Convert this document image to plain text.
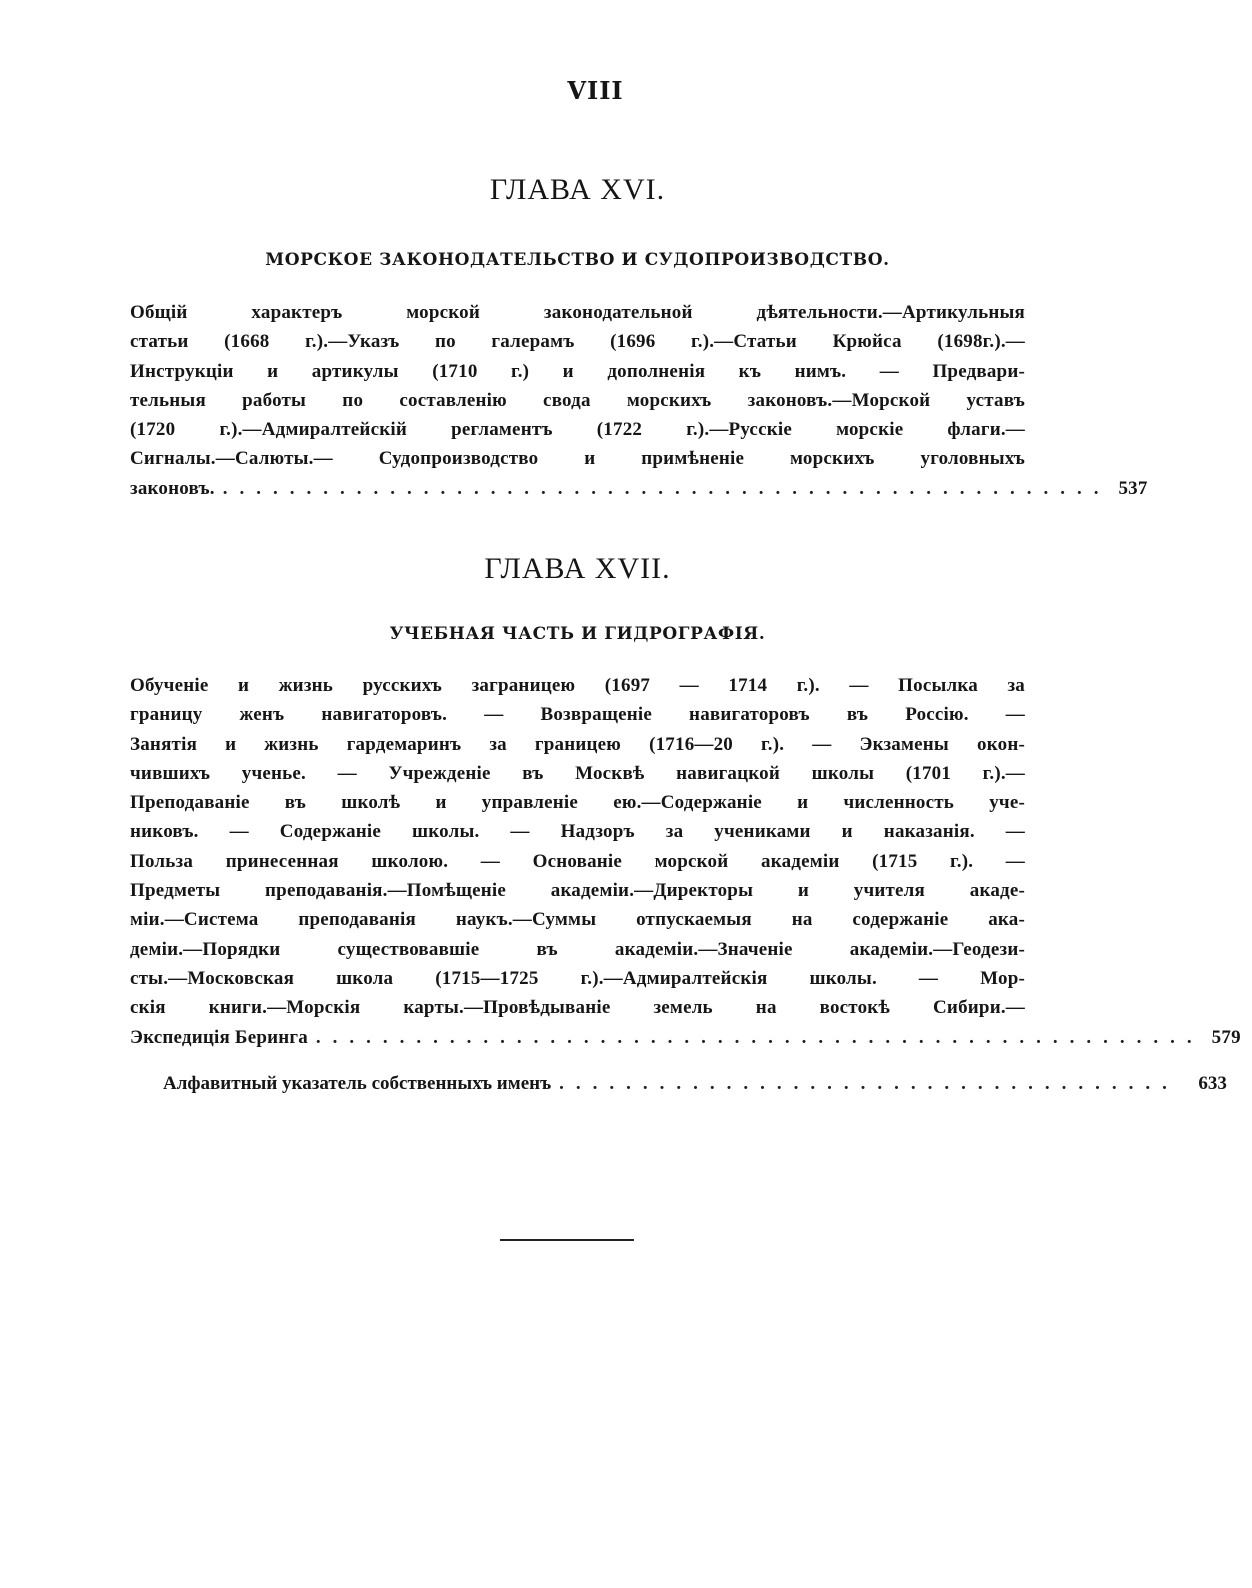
VIII
ГЛАВА XVI.
МОРСКОЕ ЗАКОНОДАТЕЛЬСТВО И СУДОПРОИЗВОДСТВО.
Общій характеръ морской законодательной дѣятельности.—Артикульныя
статьи (1668 г.).—Указъ по галерамъ (1696 г.).—Статьи Крюйса (1698г.).—
Инструкціи и артикулы (1710 г.) и дополненія къ нимъ. — Предвари-
тельныя работы по составленію свода морскихъ законовъ.—Морской уставъ
(1720 г.).—Адмиралтейскій регламентъ (1722 г.).—Русскіе морскіе флаги.—
Сигналы.—Салюты.— Судопроизводство и примѣненіе морскихъ уголовныхъ
законовъ. ..................................................... 537
ГЛАВА XVII.
УЧЕБНАЯ ЧАСТЬ И ГИДРОГРАФІЯ.
Обученіе и жизнь русскихъ заграницею (1697 — 1714 г.). — Посылка за
границу женъ навигаторовъ. — Возвращеніе навигаторовъ въ Россію. —
Занятія и жизнь гардемаринъ за границею (1716—20 г.). — Экзамены окон-
чившихъ ученье. — Учрежденіе въ Москвѣ навигацкой школы (1701 г.).—
Преподаваніе въ школѣ и управленіе ею.—Содержаніе и численность уче-
никовъ. — Содержаніе школы. — Надзоръ за учениками и наказанія. —
Польза принесенная школою. — Основаніе морской академіи (1715 г.). —
Предметы преподаванія.—Помѣщеніе академіи.—Директоры и учителя акаде-
міи.—Система преподаванія наукъ.—Суммы отпускаемыя на содержаніе ака-
деміи.—Порядки существовавшіе въ академіи.—Значеніе академіи.—Геодези-
сты.—Московская школа (1715—1725 г.).—Адмиралтейскія школы. — Мор-
скія книги.—Морскія карты.—Провѣдываніе земель на востокѣ Сибири.—
Экспедиція Беринга ..................................................... 579
Алфавитный указатель собственныхъ именъ .....................................	633
